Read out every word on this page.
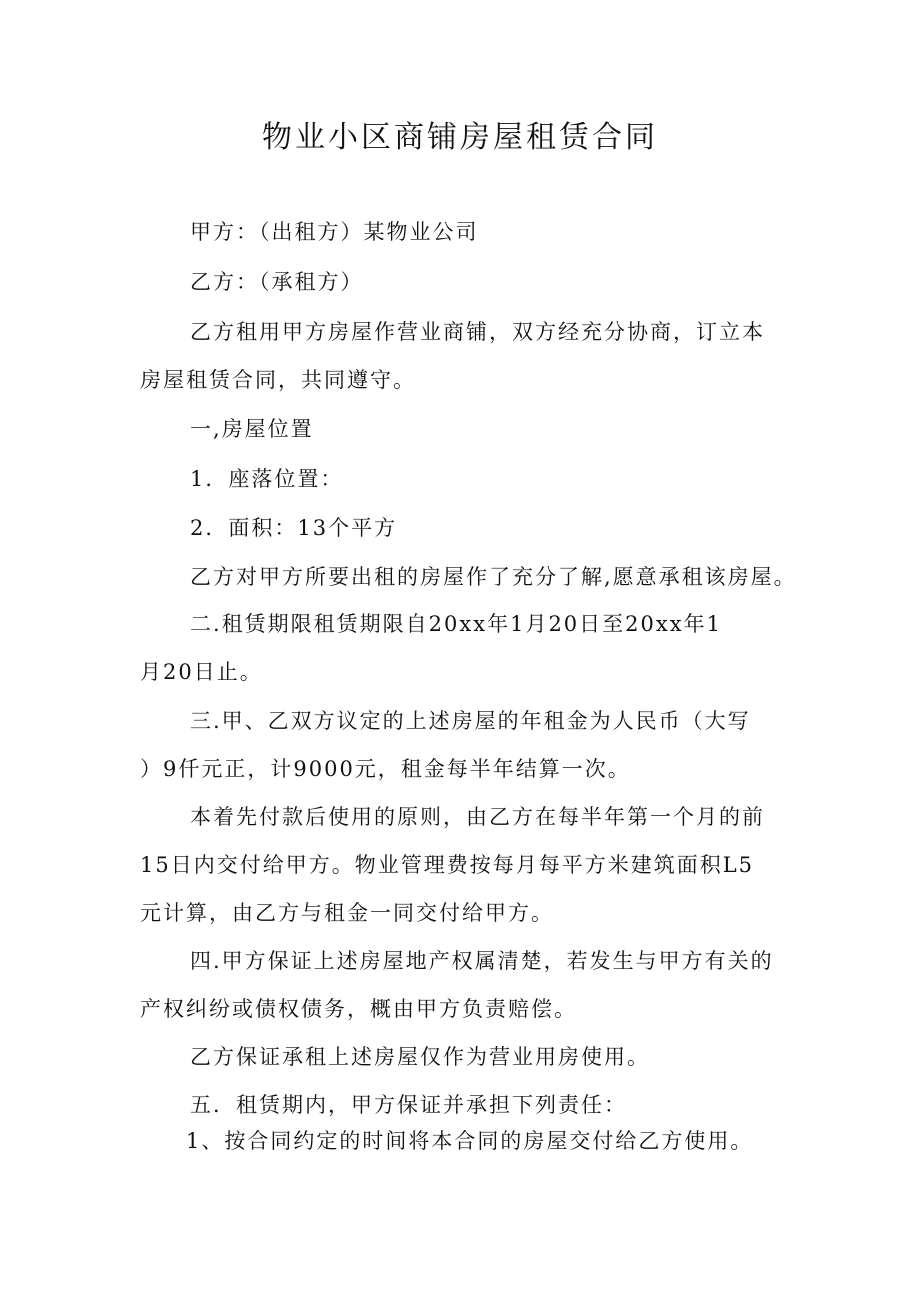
物业小区商铺房屋租赁合同

甲方：（出租方）某物业公司

乙方：（承租方）

乙方租用甲方房屋作营业商铺，双方经充分协商，订立本

房屋租赁合同，共同遵守。

一,房屋位置

1．座落位置：

2．面积：13个平方

乙方对甲方所要出租的房屋作了充分了解,愿意承租该房屋。

二.租赁期限租赁期限自20xx年1月20日至20xx年1

月20日止。

三.甲、乙双方议定的上述房屋的年租金为人民币（大写

）9仟元正，计9000元，租金每半年结算一次。

本着先付款后使用的原则，由乙方在每半年第一个月的前

15日内交付给甲方。物业管理费按每月每平方米建筑面积L5

元计算，由乙方与租金一同交付给甲方。

四.甲方保证上述房屋地产权属清楚，若发生与甲方有关的

产权纠纷或债权债务，概由甲方负责赔偿。

乙方保证承租上述房屋仅作为营业用房使用。

五．租赁期内，甲方保证并承担下列责任：

1、按合同约定的时间将本合同的房屋交付给乙方使用。
